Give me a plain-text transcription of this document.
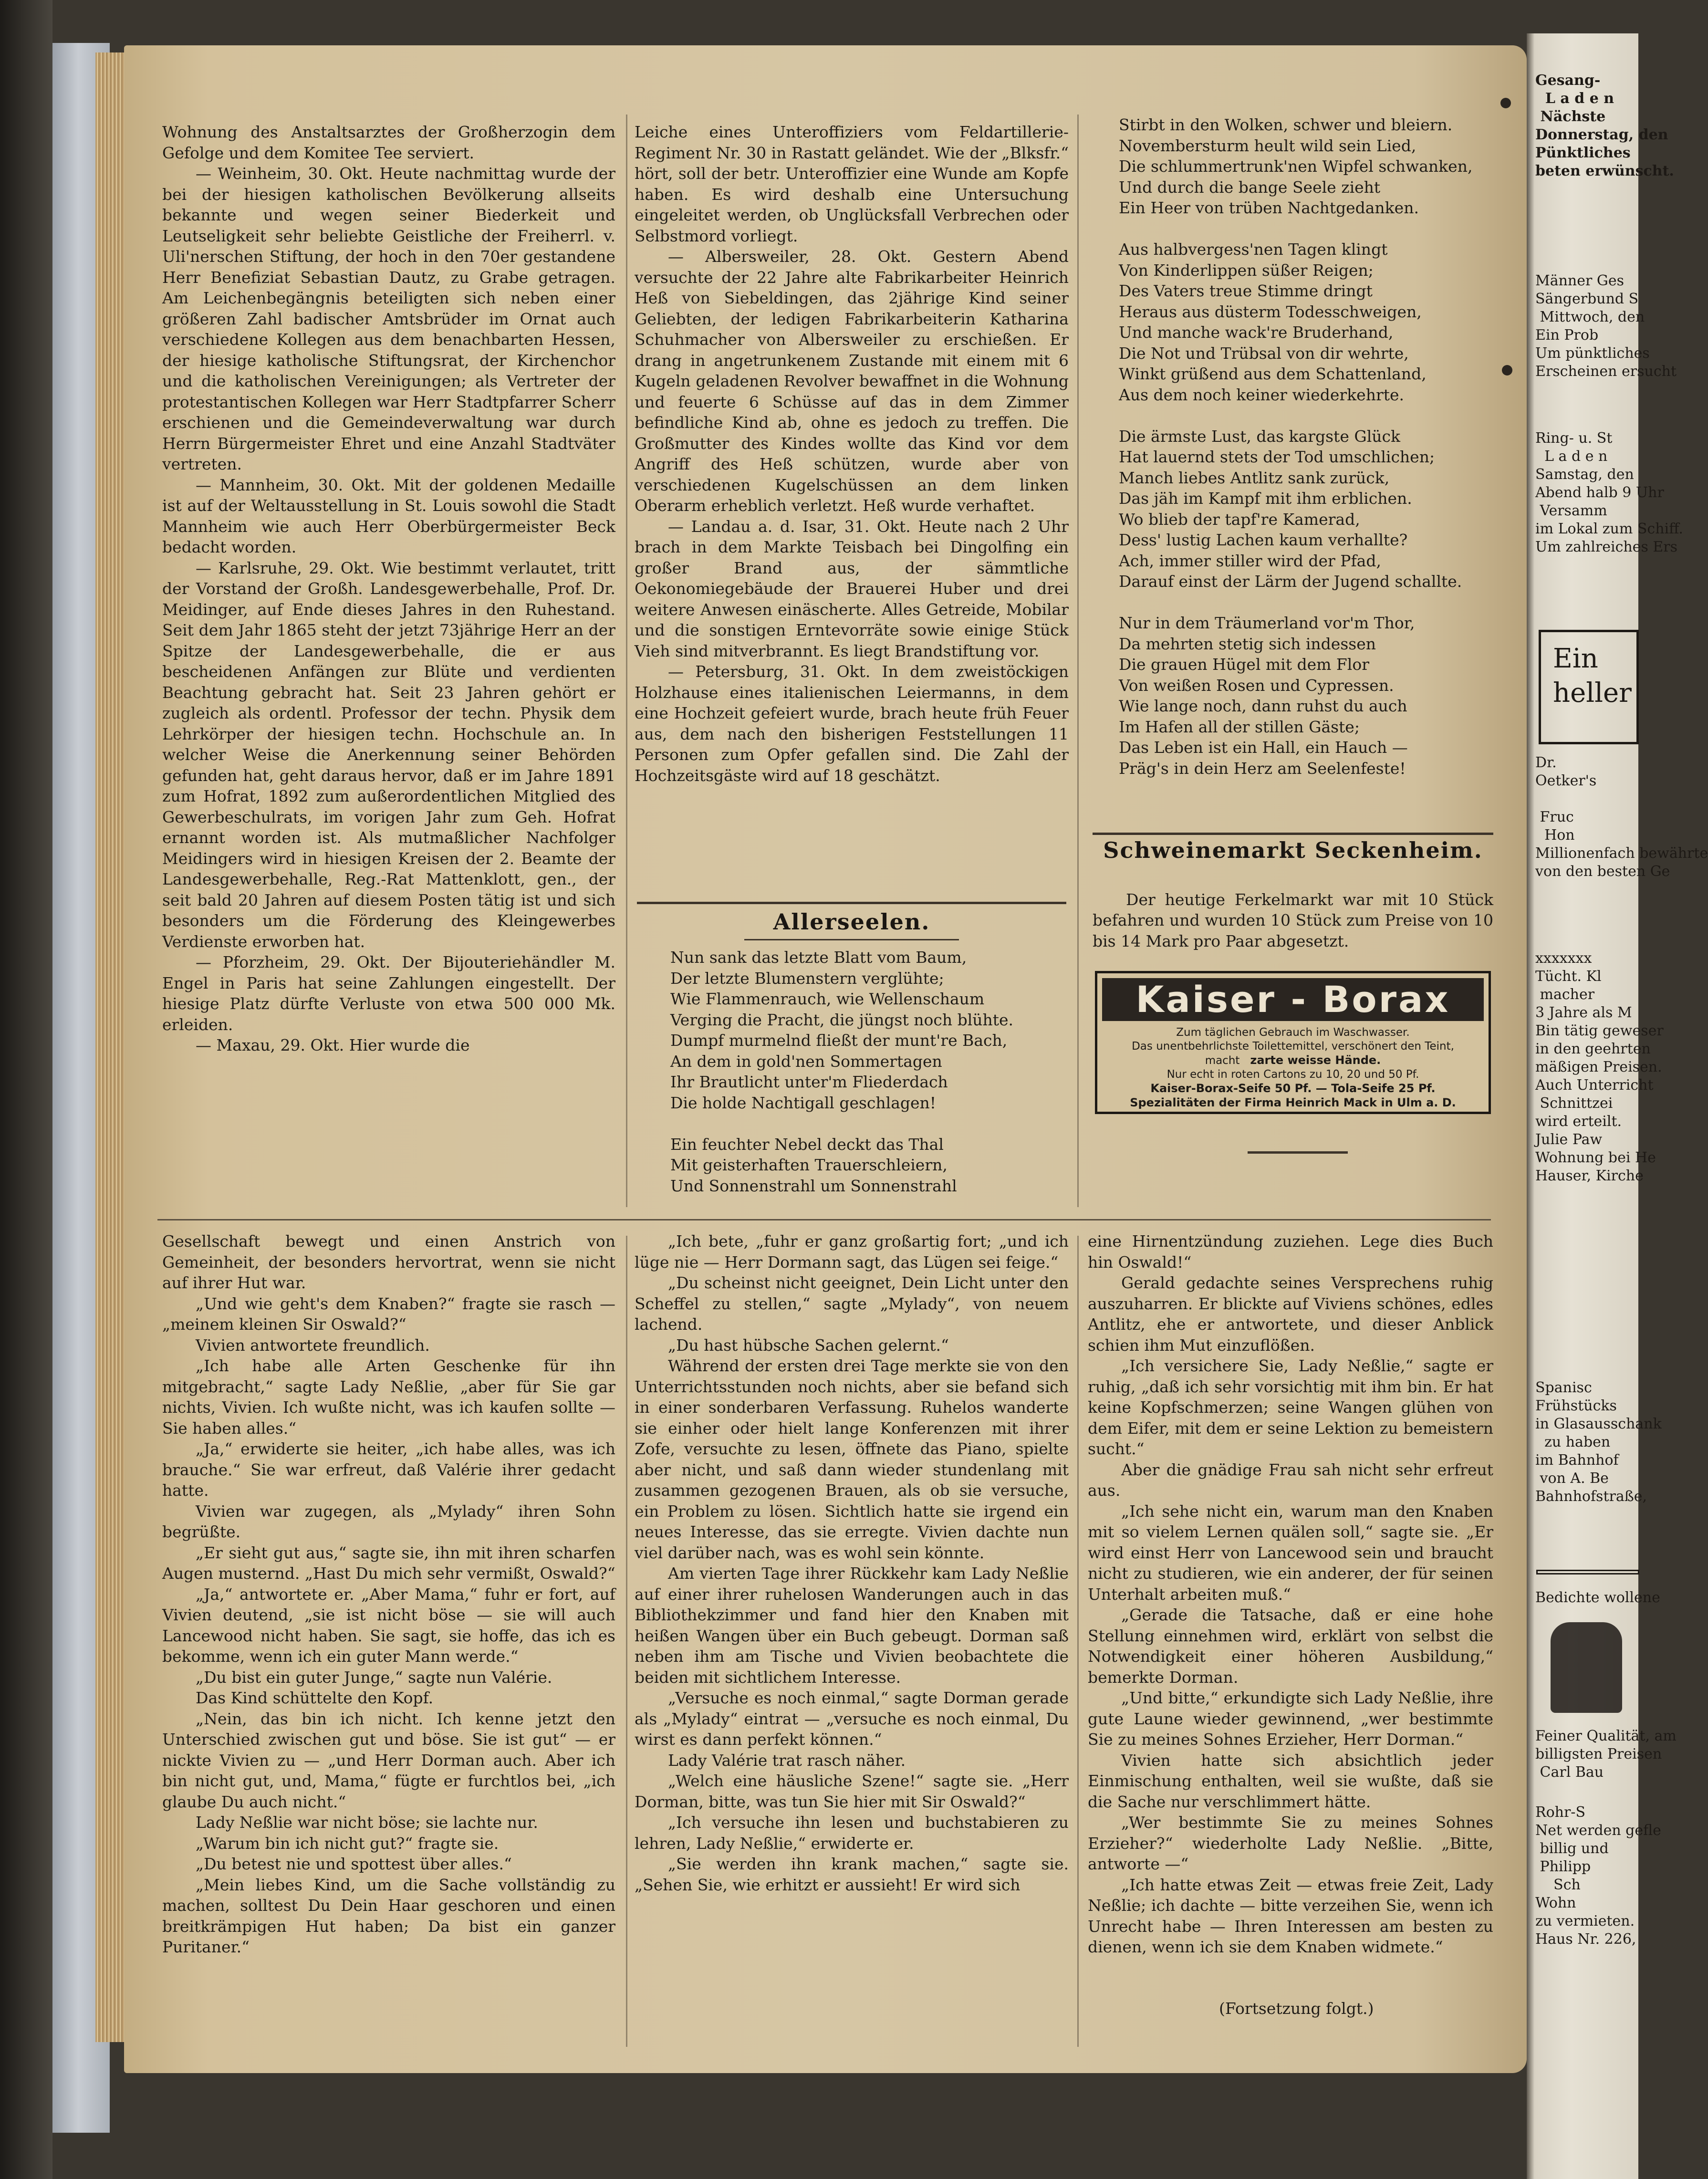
Wohnung des Anstaltsarztes der Großherzogin dem Gefolge und dem Komitee Tee serviert.

— Weinheim, 30. Okt. Heute nachmittag wurde der bei der hiesigen katholischen Bevölkerung allseits bekannte und wegen seiner Biederkeit und Leutseligkeit sehr beliebte Geistliche der Freiherrl. v. Uli'nerschen Stiftung, der hoch in den 70er gestandene Herr Benefiziat Sebastian Dautz, zu Grabe getragen. Am Leichenbegängnis beteiligten sich neben einer größeren Zahl badischer Amtsbrüder im Ornat auch verschiedene Kollegen aus dem benachbarten Hessen, der hiesige katholische Stiftungsrat, der Kirchenchor und die katholischen Vereinigungen; als Vertreter der protestantischen Kollegen war Herr Stadtpfarrer Scherr erschienen und die Gemeindeverwaltung war durch Herrn Bürgermeister Ehret und eine Anzahl Stadtväter vertreten.

— Mannheim, 30. Okt. Mit der goldenen Medaille ist auf der Weltausstellung in St. Louis sowohl die Stadt Mannheim wie auch Herr Oberbürgermeister Beck bedacht worden.

— Karlsruhe, 29. Okt. Wie bestimmt verlautet, tritt der Vorstand der Großh. Landesgewerbehalle, Prof. Dr. Meidinger, auf Ende dieses Jahres in den Ruhestand. Seit dem Jahr 1865 steht der jetzt 73jährige Herr an der Spitze der Landesgewerbehalle, die er aus bescheidenen Anfängen zur Blüte und verdienten Beachtung gebracht hat. Seit 23 Jahren gehört er zugleich als ordentl. Professor der techn. Physik dem Lehrkörper der hiesigen techn. Hochschule an. In welcher Weise die Anerkennung seiner Behörden gefunden hat, geht daraus hervor, daß er im Jahre 1891 zum Hofrat, 1892 zum außerordentlichen Mitglied des Gewerbeschulrats, im vorigen Jahr zum Geh. Hofrat ernannt worden ist. Als mutmaßlicher Nachfolger Meidingers wird in hiesigen Kreisen der 2. Beamte der Landesgewerbehalle, Reg.-Rat Mattenklott, gen., der seit bald 20 Jahren auf diesem Posten tätig ist und sich besonders um die Förderung des Kleingewerbes Verdienste erworben hat.

— Pforzheim, 29. Okt. Der Bijouteriehändler M. Engel in Paris hat seine Zahlungen eingestellt. Der hiesige Platz dürfte Verluste von etwa 500 000 Mk. erleiden.

— Maxau, 29. Okt. Hier wurde die

Leiche eines Unteroffiziers vom Feldartillerie-Regiment Nr. 30 in Rastatt geländet. Wie der „Blksfr.“ hört, soll der betr. Unteroffizier eine Wunde am Kopfe haben. Es wird deshalb eine Untersuchung eingeleitet werden, ob Unglücksfall Verbrechen oder Selbstmord vorliegt.

— Albersweiler, 28. Okt. Gestern Abend versuchte der 22 Jahre alte Fabrikarbeiter Heinrich Heß von Siebeldingen, das 2jährige Kind seiner Geliebten, der ledigen Fabrikarbeiterin Katharina Schuhmacher von Albersweiler zu erschießen. Er drang in angetrunkenem Zustande mit einem mit 6 Kugeln geladenen Revolver bewaffnet in die Wohnung und feuerte 6 Schüsse auf das in dem Zimmer befindliche Kind ab, ohne es jedoch zu treffen. Die Großmutter des Kindes wollte das Kind vor dem Angriff des Heß schützen, wurde aber von verschiedenen Kugelschüssen an dem linken Oberarm erheblich verletzt. Heß wurde verhaftet.

— Landau a. d. Isar, 31. Okt. Heute nach 2 Uhr brach in dem Markte Teisbach bei Dingolfing ein großer Brand aus, der sämmtliche Oekonomiegebäude der Brauerei Huber und drei weitere Anwesen einäscherte. Alles Getreide, Mobilar und die sonstigen Erntevorräte sowie einige Stück Vieh sind mitverbrannt. Es liegt Brandstiftung vor.

— Petersburg, 31. Okt. In dem zweistöckigen Holzhause eines italienischen Leiermanns, in dem eine Hochzeit gefeiert wurde, brach heute früh Feuer aus, dem nach den bisherigen Feststellungen 11 Personen zum Opfer gefallen sind. Die Zahl der Hochzeitsgäste wird auf 18 geschätzt.

Allerseelen.
Nun sank das letzte Blatt vom Baum,
Der letzte Blumenstern verglühte;
Wie Flammenrauch, wie Wellenschaum
Verging die Pracht, die jüngst noch blühte.
Dumpf murmelnd fließt der munt're Bach,
An dem in gold'nen Sommertagen
Ihr Brautlicht unter'm Fliederdach
Die holde Nachtigall geschlagen!

Ein feuchter Nebel deckt das Thal
Mit geisterhaften Trauerschleiern,
Und Sonnenstrahl um Sonnenstrahl
Stirbt in den Wolken, schwer und bleiern.
Novembersturm heult wild sein Lied,
Die schlummertrunk'nen Wipfel schwanken,
Und durch die bange Seele zieht
Ein Heer von trüben Nachtgedanken.

Aus halbvergess'nen Tagen klingt
Von Kinderlippen süßer Reigen;
Des Vaters treue Stimme dringt
Heraus aus düsterm Todesschweigen,
Und manche wack're Bruderhand,
Die Not und Trübsal von dir wehrte,
Winkt grüßend aus dem Schattenland,
Aus dem noch keiner wiederkehrte.

Die ärmste Lust, das kargste Glück
Hat lauernd stets der Tod umschlichen;
Manch liebes Antlitz sank zurück,
Das jäh im Kampf mit ihm erblichen.
Wo blieb der tapf're Kamerad,
Dess' lustig Lachen kaum verhallte?
Ach, immer stiller wird der Pfad,
Darauf einst der Lärm der Jugend schallte.

Nur in dem Träumerland vor'm Thor,
Da mehrten stetig sich indessen
Die grauen Hügel mit dem Flor
Von weißen Rosen und Cypressen.
Wie lange noch, dann ruhst du auch
Im Hafen all der stillen Gäste;
Das Leben ist ein Hall, ein Hauch —
Präg's in dein Herz am Seelenfeste!
Schweinemarkt Seckenheim.

Der heutige Ferkelmarkt war mit 10 Stück befahren und wurden 10 Stück zum Preise von 10 bis 14 Mark pro Paar abgesetzt.

Kaiser - Borax
Zum täglichen Gebrauch im Waschwasser.
Das unentbehrlichste Toilettemittel, verschönert den Teint,
macht zarte weisse Hände.
Nur echt in roten Cartons zu 10, 20 und 50 Pf.
Kaiser-Borax-Seife 50 Pf. — Tola-Seife 25 Pf.
Spezialitäten der Firma Heinrich Mack in Ulm a. D.

Gesellschaft bewegt und einen Anstrich von Gemeinheit, der besonders hervortrat, wenn sie nicht auf ihrer Hut war.

„Und wie geht's dem Knaben?“ fragte sie rasch — „meinem kleinen Sir Oswald?“

Vivien antwortete freundlich.

„Ich habe alle Arten Geschenke für ihn mitgebracht,“ sagte Lady Neßlie, „aber für Sie gar nichts, Vivien. Ich wußte nicht, was ich kaufen sollte — Sie haben alles.“

„Ja,“ erwiderte sie heiter, „ich habe alles, was ich brauche.“ Sie war erfreut, daß Valérie ihrer gedacht hatte.

Vivien war zugegen, als „Mylady“ ihren Sohn begrüßte.

„Er sieht gut aus,“ sagte sie, ihn mit ihren scharfen Augen musternd. „Hast Du mich sehr vermißt, Oswald?“

„Ja,“ antwortete er. „Aber Mama,“ fuhr er fort, auf Vivien deutend, „sie ist nicht böse — sie will auch Lancewood nicht haben. Sie sagt, sie hoffe, das ich es bekomme, wenn ich ein guter Mann werde.“

„Du bist ein guter Junge,“ sagte nun Valérie.

Das Kind schüttelte den Kopf.

„Nein, das bin ich nicht. Ich kenne jetzt den Unterschied zwischen gut und böse. Sie ist gut“ — er nickte Vivien zu — „und Herr Dorman auch. Aber ich bin nicht gut, und, Mama,“ fügte er furchtlos bei, „ich glaube Du auch nicht.“

Lady Neßlie war nicht böse; sie lachte nur.

„Warum bin ich nicht gut?“ fragte sie.

„Du betest nie und spottest über alles.“

„Mein liebes Kind, um die Sache vollständig zu machen, solltest Du Dein Haar geschoren und einen breitkrämpigen Hut haben; Da bist ein ganzer Puritaner.“

„Ich bete, „fuhr er ganz großartig fort; „und ich lüge nie — Herr Dormann sagt, das Lügen sei feige.“

„Du scheinst nicht geeignet, Dein Licht unter den Scheffel zu stellen,“ sagte „Mylady“, von neuem lachend.

„Du hast hübsche Sachen gelernt.“

Während der ersten drei Tage merkte sie von den Unterrichtsstunden noch nichts, aber sie befand sich in einer sonderbaren Verfassung. Ruhelos wanderte sie einher oder hielt lange Konferenzen mit ihrer Zofe, versuchte zu lesen, öffnete das Piano, spielte aber nicht, und saß dann wieder stundenlang mit zusammen gezogenen Brauen, als ob sie versuche, ein Problem zu lösen. Sichtlich hatte sie irgend ein neues Interesse, das sie erregte. Vivien dachte nun viel darüber nach, was es wohl sein könnte.

Am vierten Tage ihrer Rückkehr kam Lady Neßlie auf einer ihrer ruhelosen Wanderungen auch in das Bibliothekzimmer und fand hier den Knaben mit heißen Wangen über ein Buch gebeugt. Dorman saß neben ihm am Tische und Vivien beobachtete die beiden mit sichtlichem Interesse.

„Versuche es noch einmal,“ sagte Dorman gerade als „Mylady“ eintrat — „versuche es noch einmal, Du wirst es dann perfekt können.“

Lady Valérie trat rasch näher.

„Welch eine häusliche Szene!“ sagte sie. „Herr Dorman, bitte, was tun Sie hier mit Sir Oswald?“

„Ich versuche ihn lesen und buchstabieren zu lehren, Lady Neßlie,“ erwiderte er.

„Sie werden ihn krank machen,“ sagte sie. „Sehen Sie, wie erhitzt er aussieht! Er wird sich

eine Hirnentzündung zuziehen. Lege dies Buch hin Oswald!“

Gerald gedachte seines Versprechens ruhig auszuharren. Er blickte auf Viviens schönes, edles Antlitz, ehe er antwortete, und dieser Anblick schien ihm Mut einzuflößen.

„Ich versichere Sie, Lady Neßlie,“ sagte er ruhig, „daß ich sehr vorsichtig mit ihm bin. Er hat keine Kopfschmerzen; seine Wangen glühen von dem Eifer, mit dem er seine Lektion zu bemeistern sucht.“

Aber die gnädige Frau sah nicht sehr erfreut aus.

„Ich sehe nicht ein, warum man den Knaben mit so vielem Lernen quälen soll,“ sagte sie. „Er wird einst Herr von Lancewood sein und braucht nicht zu studieren, wie ein anderer, der für seinen Unterhalt arbeiten muß.“

„Gerade die Tatsache, daß er eine hohe Stellung einnehmen wird, erklärt von selbst die Notwendigkeit einer höheren Ausbildung,“ bemerkte Dorman.

„Und bitte,“ erkundigte sich Lady Neßlie, ihre gute Laune wieder gewinnend, „wer bestimmte Sie zu meines Sohnes Erzieher, Herr Dorman.“

Vivien hatte sich absichtlich jeder Einmischung enthalten, weil sie wußte, daß sie die Sache nur verschlimmert hätte.

„Wer bestimmte Sie zu meines Sohnes Erzieher?“ wiederholte Lady Neßlie. „Bitte, antworte —“

„Ich hatte etwas Zeit — etwas freie Zeit, Lady Neßlie; ich dachte — bitte verzeihen Sie, wenn ich Unrecht habe — Ihren Interessen am besten zu dienen, wenn ich sie dem Knaben widmete.“

(Fortsetzung folgt.)
Gesang-
L a d e n
Nächste
Donnerstag, den
Pünktliches
beten erwünscht.
Männer Ges
Sängerbund S
Mittwoch, den
Ein Prob
Um pünktliches
Erscheinen ersucht
Ring- u. St
L a d e n
Samstag, den
Abend halb 9 Uhr
Versamm
im Lokal zum Schiff.
Um zahlreiches Ers
Ein
heller
Dr.
Oetker's

Fruc
Hon
Millionenfach bewährte
von den besten Ge
xxxxxxx
Tücht. Kl
macher
3 Jahre als M
Bin tätig geweser
in den geehrten
mäßigen Preisen.
Auch Unterricht
Schnittzei
wird erteilt.
Julie Paw
Wohnung bei He
Hauser, Kirche
Spanisc
Frühstücks
in Glasausschank
zu haben
im Bahnhof
von A. Be
Bahnhofstraße,
Bedichte wollene
Feiner Qualität, am
billigsten Preisen
Carl Bau
Rohr-S
Net werden gefle
billig und
Philipp
Sch
Wohn
zu vermieten.
Haus Nr. 226,
